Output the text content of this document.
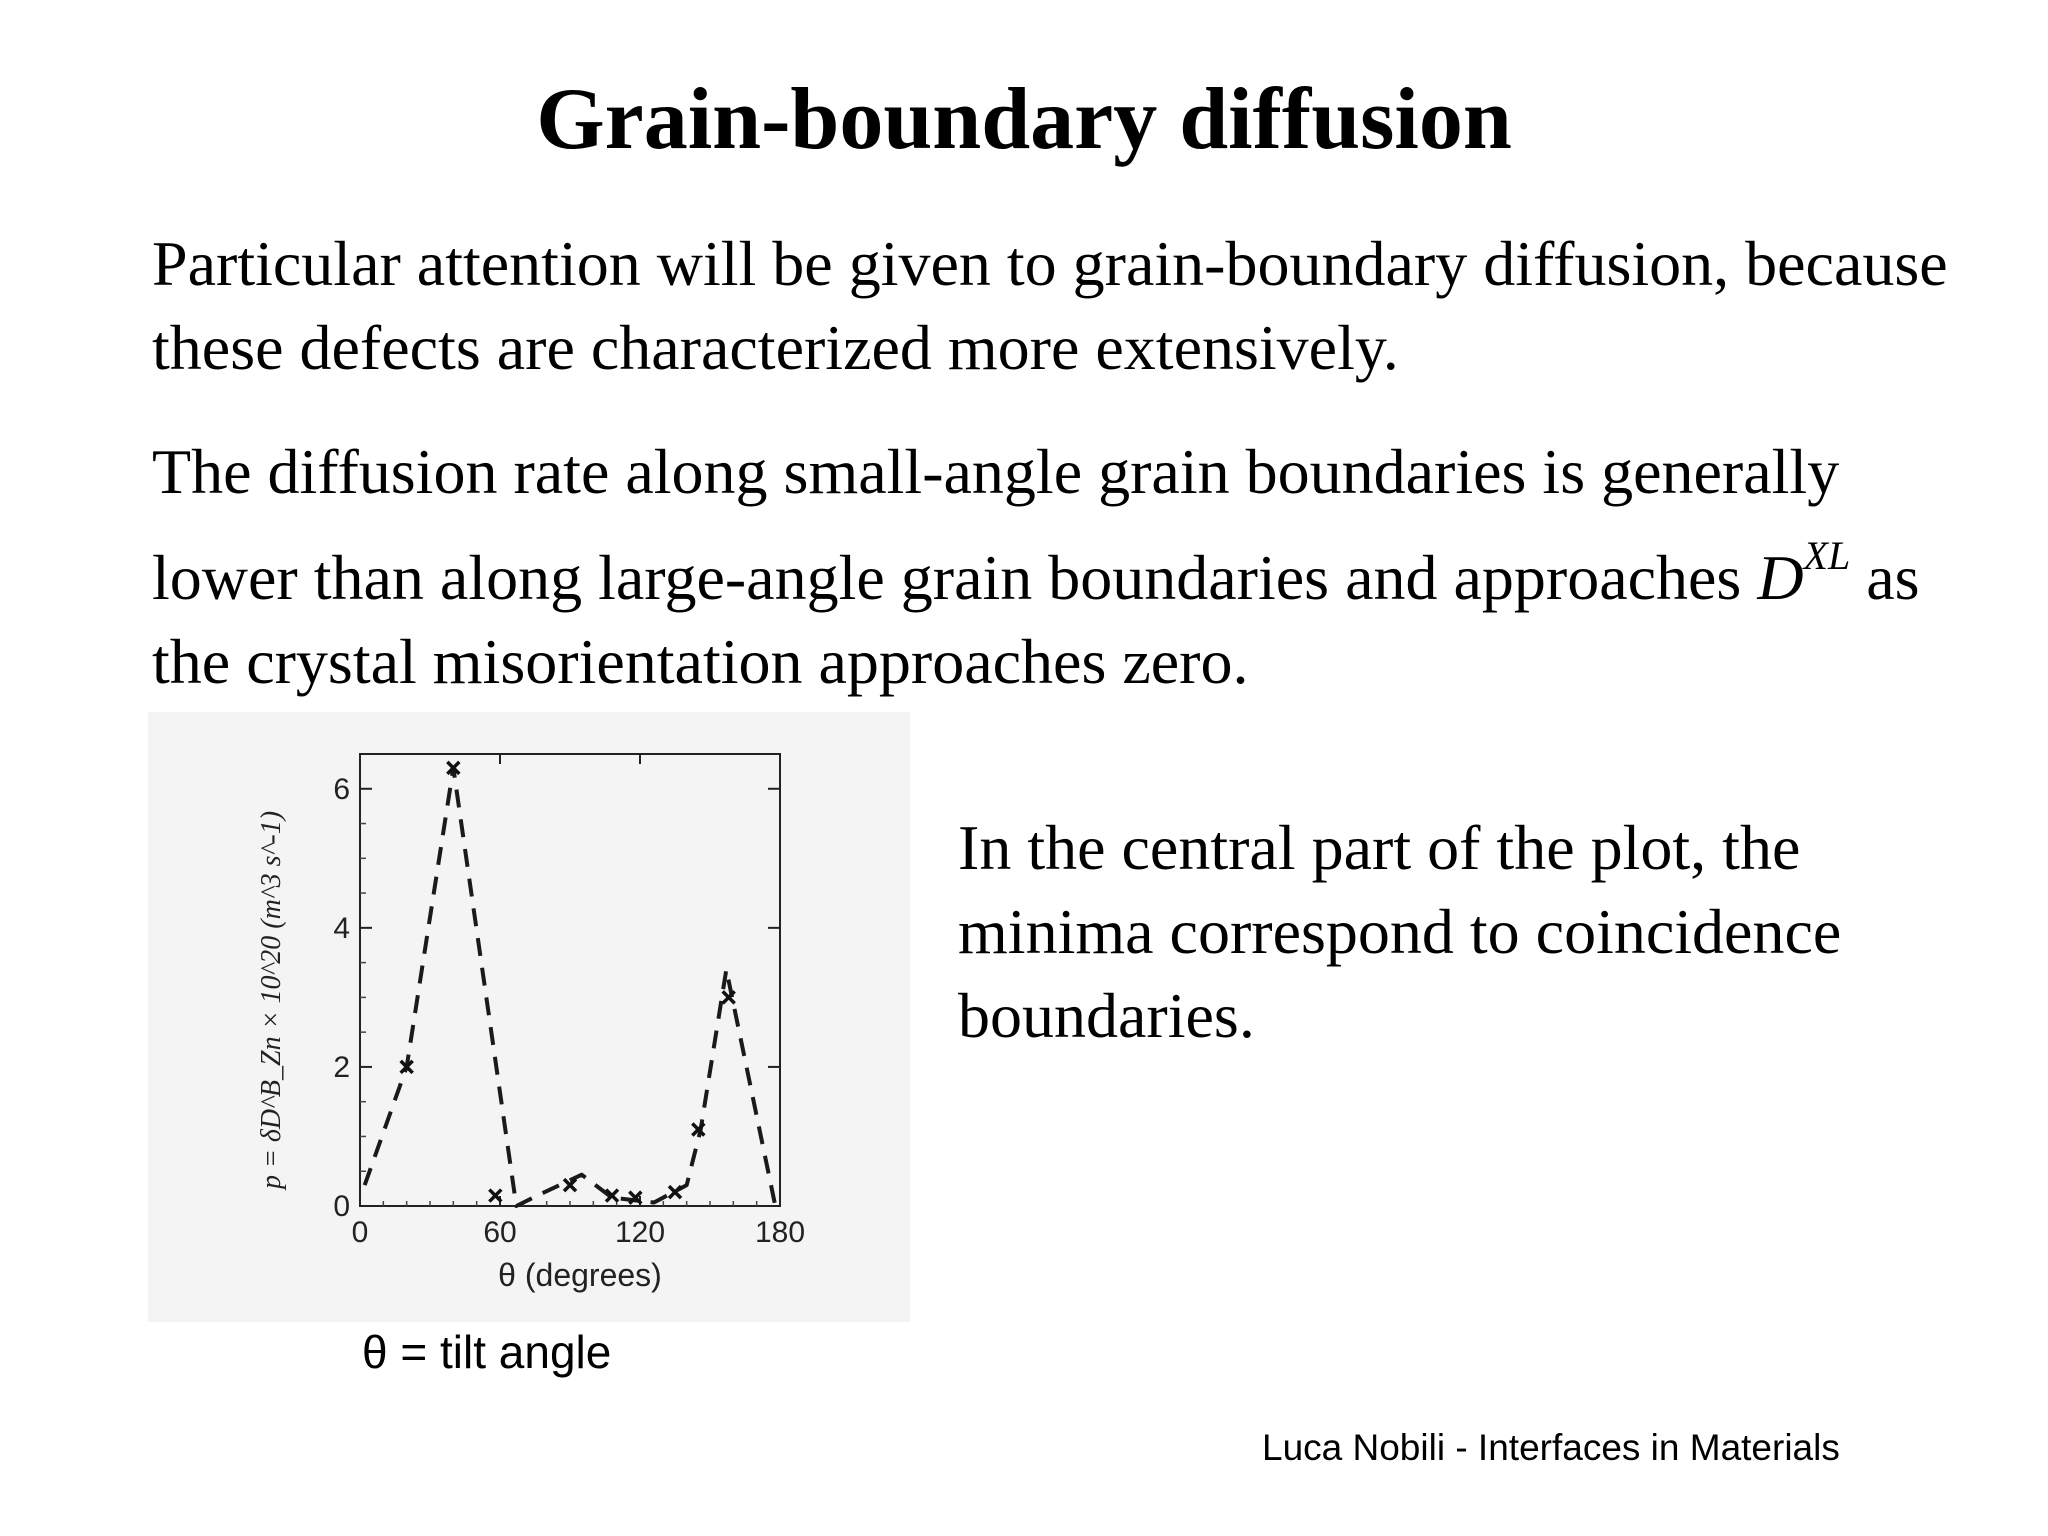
Grain-boundary diffusion

Particular attention will be given to grain-boundary diffusion, because these defects are characterized more extensively.

The diffusion rate along small-angle grain boundaries is generally lower than along large-angle grain boundaries and approaches $D^{XL}$ as the crystal misorientation approaches zero.

0	60	120	180
0
2
4
6
θ (degrees)
p = δD^B_Zn × 10^20 (m^3 s^-1)
θ = tilt angle

In the central part of the plot, the minima correspond to coincidence boundaries.

Luca Nobili - Interfaces in Materials
